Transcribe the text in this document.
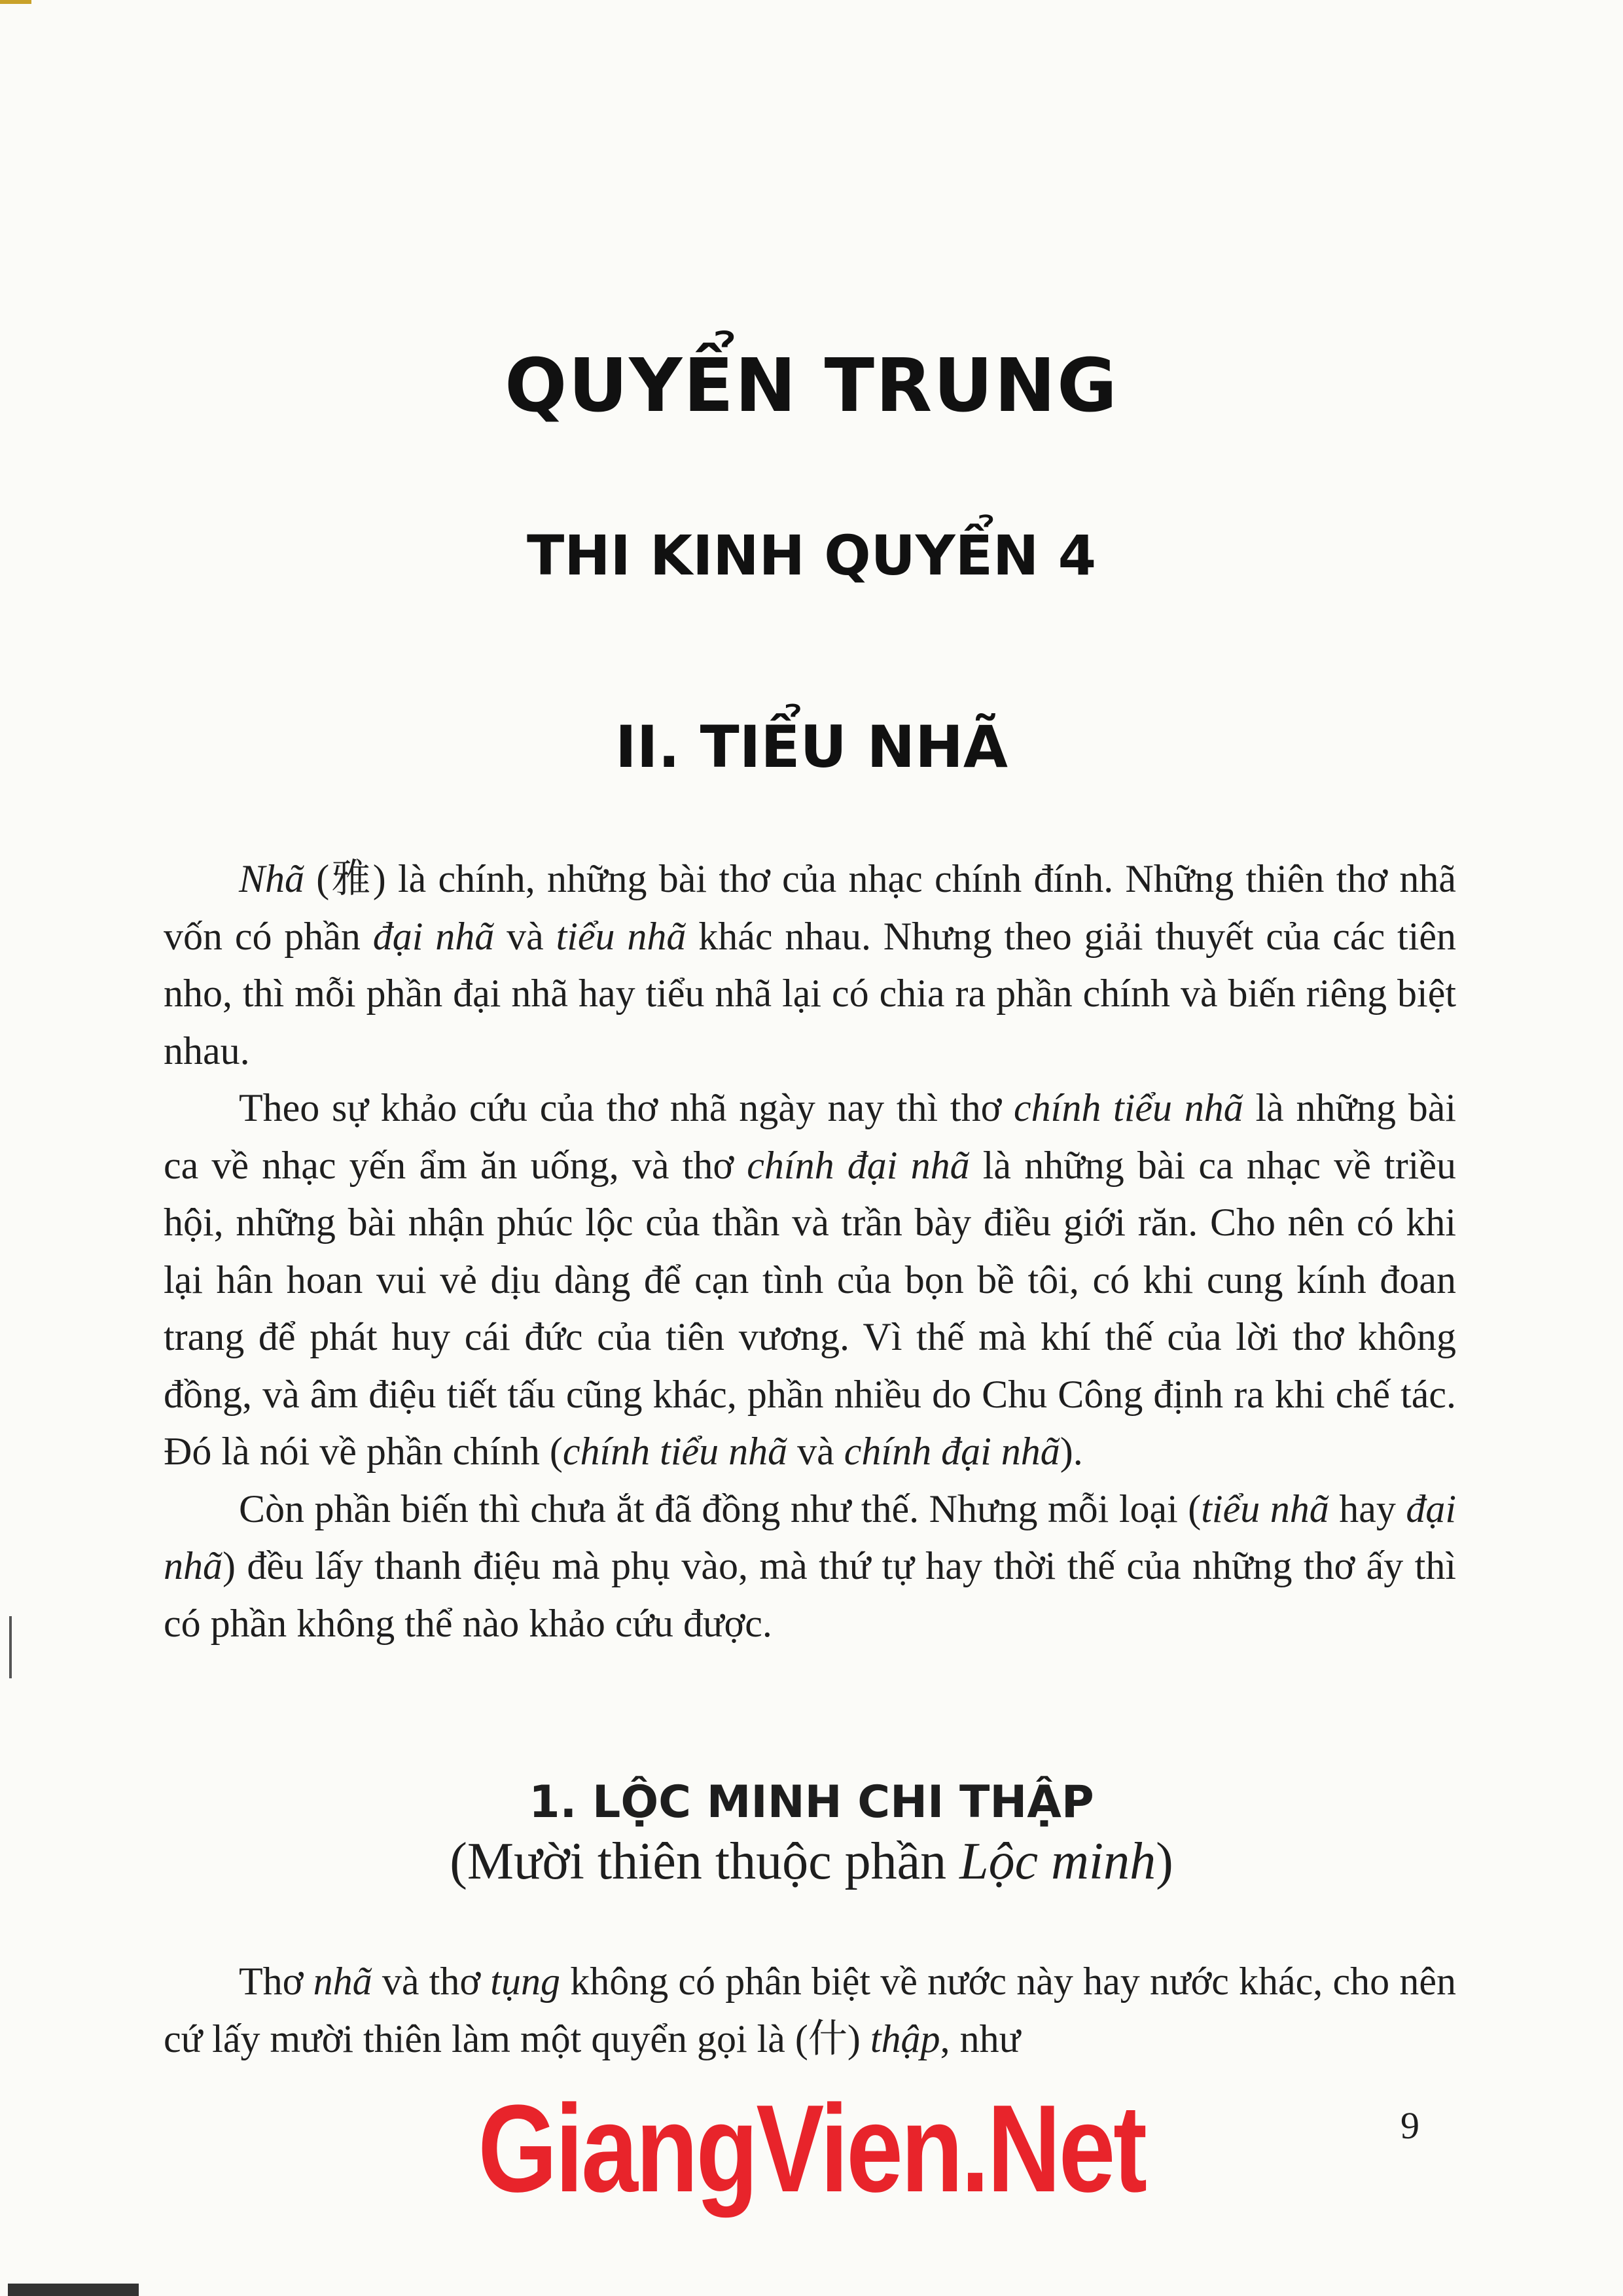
QUYỂN TRUNG
THI KINH QUYỂN 4
II. TIỂU NHÃ

Nhã (雅) là chính, những bài thơ của nhạc chính đính. Những thiên thơ nhã vốn có phần đại nhã và tiểu nhã khác nhau. Nhưng theo giải thuyết của các tiên nho, thì mỗi phần đại nhã hay tiểu nhã lại có chia ra phần chính và biến riêng biệt nhau.

Theo sự khảo cứu của thơ nhã ngày nay thì thơ chính tiểu nhã là những bài ca về nhạc yến ẩm ăn uống, và thơ chính đại nhã là những bài ca nhạc về triều hội, những bài nhận phúc lộc của thần và trần bày điều giới răn. Cho nên có khi lại hân hoan vui vẻ dịu dàng để cạn tình của bọn bề tôi, có khi cung kính đoan trang để phát huy cái đức của tiên vương. Vì thế mà khí thế của lời thơ không đồng, và âm điệu tiết tấu cũng khác, phần nhiều do Chu Công định ra khi chế tác. Đó là nói về phần chính (chính tiểu nhã và chính đại nhã).

Còn phần biến thì chưa ắt đã đồng như thế. Nhưng mỗi loại (tiểu nhã hay đại nhã) đều lấy thanh điệu mà phụ vào, mà thứ tự hay thời thế của những thơ ấy thì có phần không thể nào khảo cứu được.

1. LỘC MINH CHI THẬP
(Mười thiên thuộc phần Lộc minh)

Thơ nhã và thơ tụng không có phân biệt về nước này hay nước khác, cho nên cứ lấy mười thiên làm một quyển gọi là (什) thập, như

GiangVien.Net	9
